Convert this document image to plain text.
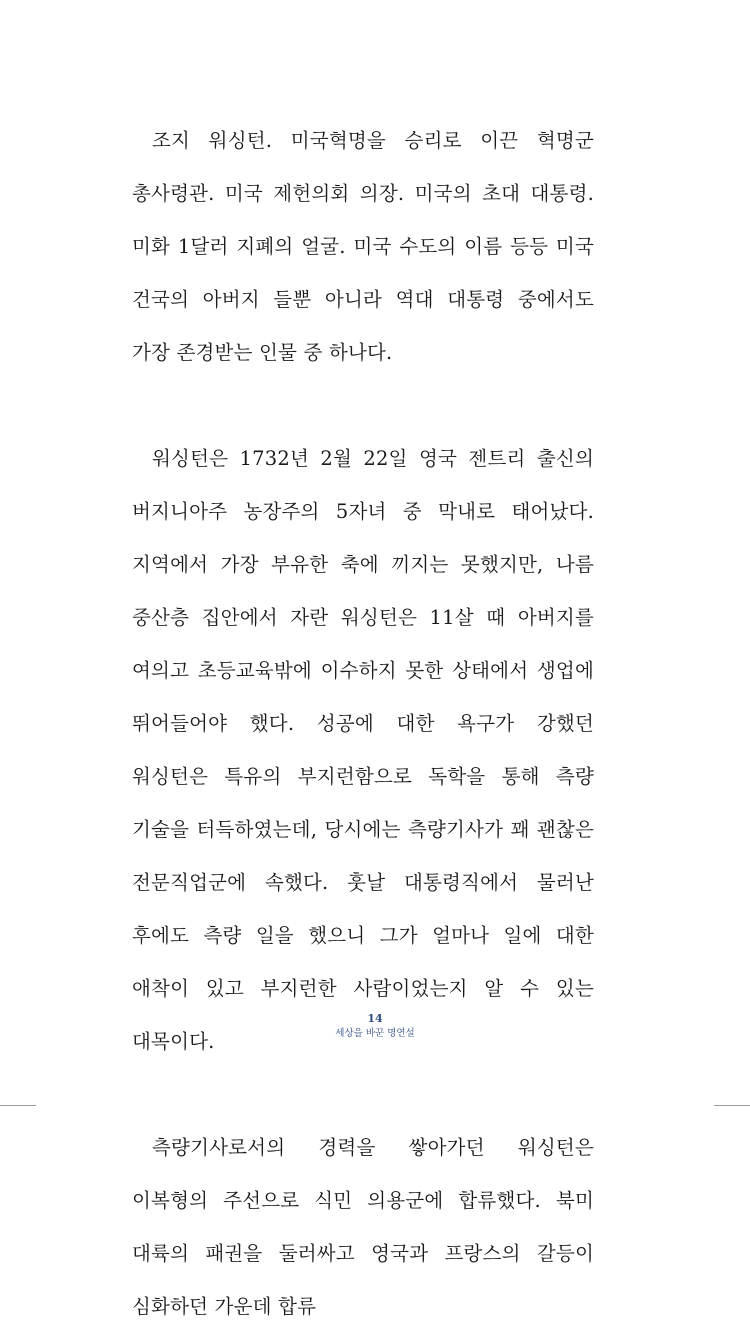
조지 워싱턴. 미국혁명을 승리로 이끈 혁명군 총사령관. 미국 제헌의회 의장. 미국의 초대 대통령. 미화 1달러 지폐의 얼굴. 미국 수도의 이름 등등 미국 건국의 아버지 들뿐 아니라 역대 대통령 중에서도 가장 존경받는 인물 중 하나다.

워싱턴은 1732년 2월 22일 영국 젠트리 출신의 버지니아주 농장주의 5자녀 중 막내로 태어났다. 지역에서 가장 부유한 축에 끼지는 못했지만, 나름 중산층 집안에서 자란 워싱턴은 11살 때 아버지를 여의고 초등교육밖에 이수하지 못한 상태에서 생업에 뛰어들어야 했다. 성공에 대한 욕구가 강했던 워싱턴은 특유의 부지런함으로 독학을 통해 측량 기술을 터득하였는데, 당시에는 측량기사가 꽤 괜찮은 전문직업군에 속했다. 훗날 대통령직에서 물러난 후에도 측량 일을 했으니 그가 얼마나 일에 대한 애착이 있고 부지런한 사람이었는지 알 수 있는 대목이다.

측량기사로서의 경력을 쌓아가던 워싱턴은 이복형의 주선으로 식민 의용군에 합류했다. 북미 대륙의 패권을 둘러싸고 영국과 프랑스의 갈등이 심화하던 가운데 합류

14
세상을 바꾼 명연설
